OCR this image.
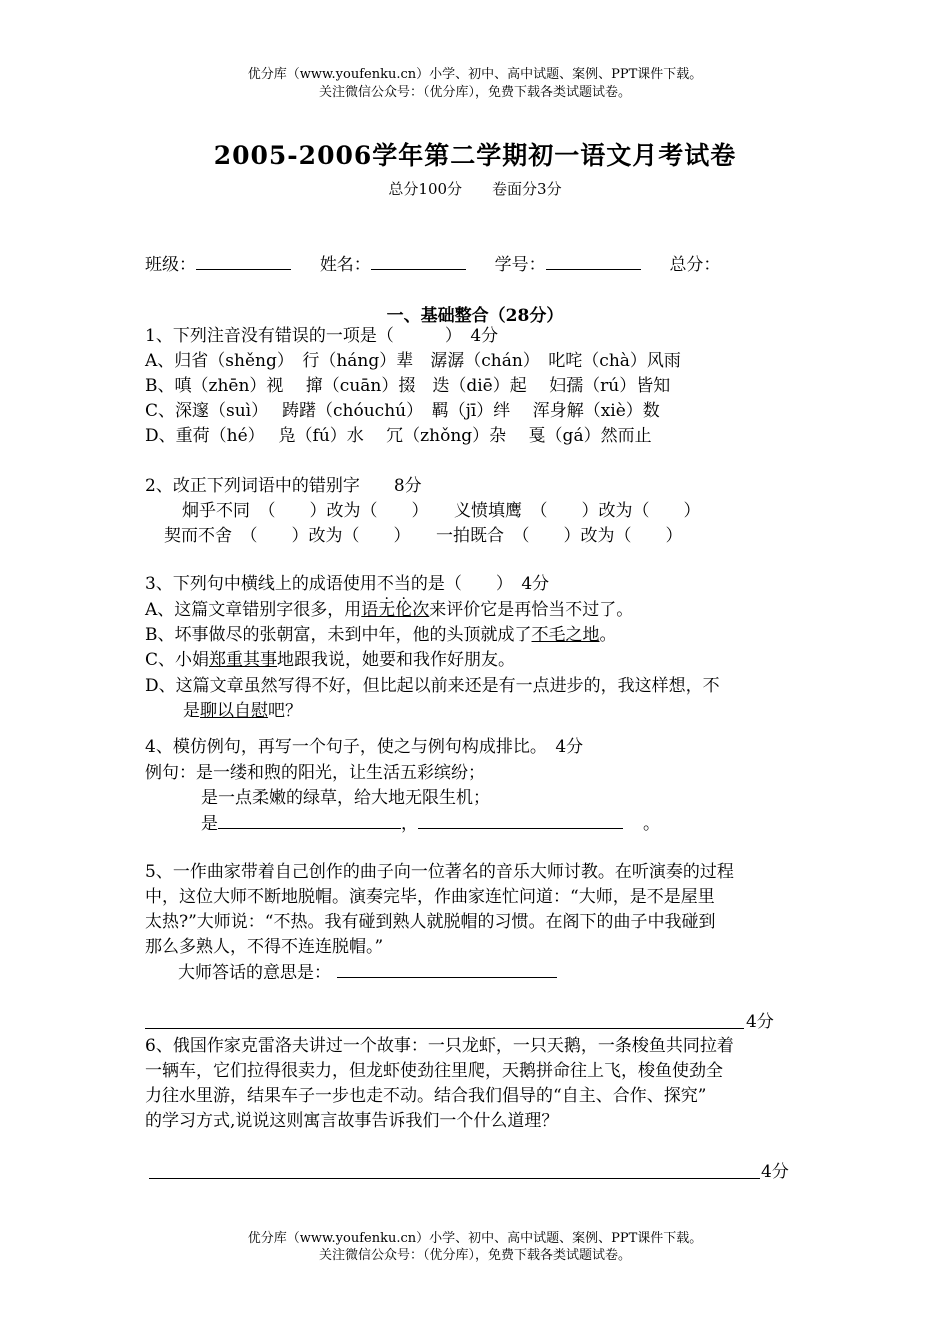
优分库（www.youfenku.cn）小学、初中、高中试题、案例、PPT课件下载。
关注微信公众号：（优分库），免费下载各类试题试卷。
2005-2006学年第二学期初一语文月考试卷
总分100分　　卷面分3分
班级：	姓名：	学号：	总分：
一、基础整合（28分）
1、下列注音没有错误的一项是（　　　）　4分
A、归省（shěng）　行（háng）辈　潺潺（chán）　叱咤（chà）风雨
B、嗔（zhēn）视　 撺（cuān）掇　迭（diē）起　 妇孺（rú）皆知
C、深邃（suì）　 踌躇（chóuchú）　羁（jī）绊　 浑身解（xiè）数
D、重荷（hé）　 凫（fú）水　 冗（zhǒng）杂　 戛（gá）然而止
2、改正下列词语中的错别字　　8分
炯乎不同　（　　）改为（　　）　　义愤填鹰　（　　）改为（　　）
契而不舍　（　　）改为（　　）　　一拍既合　（　　）改为（　　）
3、下列句中横线上的成语使用不当的是（　　）　4分
A、这篇文章错别字很多，用语无伦次来评价它是再恰当不过了。
B、坏事做尽的张朝富，未到中年，他的头顶就成了不毛之地。
C、小娟郑重其事地跟我说，她要和我作好朋友。
D、这篇文章虽然写得不好，但比起以前来还是有一点进步的，我这样想，不
是聊以自慰吧？
4、模仿例句，再写一个句子，使之与例句构成排比。　4分
例句：是一缕和煦的阳光，让生活五彩缤纷；
是一点柔嫩的绿草，给大地无限生机；
是	，	。
5、一作曲家带着自己创作的曲子向一位著名的音乐大师讨教。在听演奏的过程
中，这位大师不断地脱帽。演奏完毕，作曲家连忙问道：“大师，是不是屋里
太热?”大师说：“不热。我有碰到熟人就脱帽的习惯。在阁下的曲子中我碰到
那么多熟人，不得不连连脱帽。”
大师答话的意思是：
4分
6、俄国作家克雷洛夫讲过一个故事：一只龙虾，一只天鹅，一条梭鱼共同拉着
一辆车，它们拉得很卖力，但龙虾使劲往里爬，天鹅拼命往上飞，梭鱼使劲全
力往水里游，结果车子一步也走不动。结合我们倡导的“自主、合作、探究”
的学习方式,说说这则寓言故事告诉我们一个什么道理？
4分
优分库（www.youfenku.cn）小学、初中、高中试题、案例、PPT课件下载。
关注微信公众号：（优分库），免费下载各类试题试卷。
